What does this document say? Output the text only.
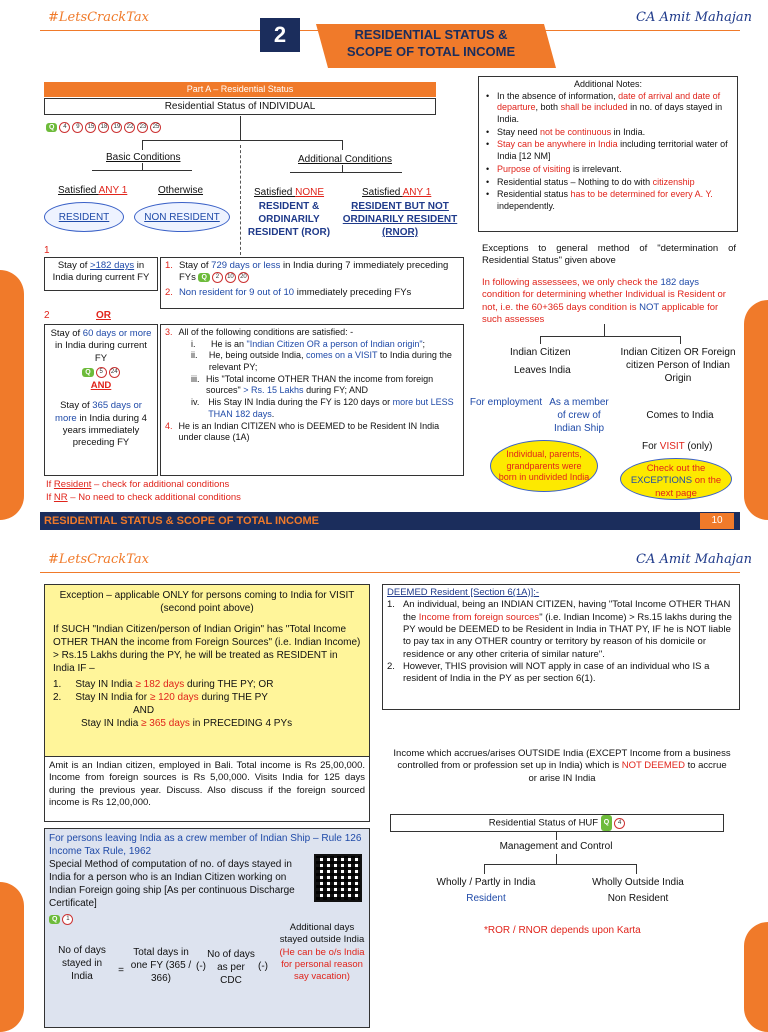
#LetsCrackTax	CA Amit Mahajan
2	RESIDENTIAL STATUS &
SCOPE OF TOTAL INCOME
Part A – Residential Status
Residential Status of INDIVIDUAL
Q	4	9	15	18	19	22	23	25
Basic Conditions	Additional Conditions
Satisfied ANY 1	Otherwise
RESIDENT	NON RESIDENT
Satisfied NONE
RESIDENT & ORDINARILY RESIDENT (ROR)
Satisfied ANY 1
RESIDENT BUT NOT ORDINARILY RESIDENT (RNOR)
1
Stay of >182 days in India during current FY
1. Stay of 729 days or less in India during 7 immediately preceding FYs Q	2	10	20
2. Non resident for 9 out of 10 immediately preceding FYs
2	OR
Stay of 60 days or more in India during current FY
Q	5	24
AND
Stay of 365 days or more in India during 4 years immediately preceding FY
3. All of the following conditions are satisfied: -
i.	He is an "Indian Citizen OR a person of Indian origin";
ii.	He, being outside India, comes on a VISIT to India during the relevant PY;
iii. His "Total income OTHER THAN the income from foreign sources" > Rs. 15 Lakhs during FY; AND
iv. His Stay IN India during the FY is 120 days or more but LESS THAN 182 days.
4. He is an Indian CITIZEN who is DEEMED to be Resident IN India under clause (1A)
If Resident – check for additional conditions
If NR – No need to check additional conditions
Additional Notes:
• In the absence of information, date of arrival and date of departure, both shall be included in no. of days stayed in India.
• Stay need not be continuous in India.
• Stay can be anywhere in India including territorial water of India [12 NM]
• Purpose of visiting is irrelevant.
• Residential status – Nothing to do with citizenship
• Residential status has to be determined for every A. Y. independently.
Exceptions to general method of "determination of Residential Status" given above
In following assessees, we only check the 182 days condition for determining whether Individual is Resident or not, i.e. the 60+365 days condition is NOT applicable for such assesses
Indian Citizen
Leaves India
For employment As a member of crew of Indian Ship
Indian Citizen OR Foreign citizen Person of Indian Origin
Comes to India
For VISIT (only)
Individual, parents, grandparents were born in undivided India
Check out the EXCEPTIONS on the next page
RESIDENTIAL STATUS & SCOPE OF TOTAL INCOME	10
#LetsCrackTax	CA Amit Mahajan
Exception – applicable ONLY for persons coming to India for VISIT (second point above)
If SUCH "Indian Citizen/person of Indian Origin" has "Total Income OTHER THAN the income from Foreign Sources" (i.e. Indian Income) > Rs.15 Lakhs during the PY, he will be treated as RESIDENT in India IF –
1.	Stay IN India ≥ 182 days during THE PY; OR
2.	Stay IN India for ≥ 120 days during THE PY
AND
Stay IN India ≥ 365 days in PRECEDING 4 PYs
Amit is an Indian citizen, employed in Bali. Total income is Rs 25,00,000. Income from foreign sources is Rs 5,00,000. Visits India for 125 days during the previous year. Discuss. Also discuss if the foreign sourced income is Rs 12,00,000.
For persons leaving India as a crew member of Indian Ship – Rule 126 Income Tax Rule, 1962
Special Method of computation of no. of days stayed in India for a person who is an Indian Citizen working on Indian Foreign going ship [As per continuous Discharge Certificate]
Q	1
No of days stayed in India
=
Total days in one FY (365 / 366)
(-)
No of days as per CDC
(-)
Additional days stayed outside India
(He can be o/s India for personal reason say vacation)
DEEMED Resident [Section 6(1A)]:-
1. An individual, being an INDIAN CITIZEN, having "Total Income OTHER THAN the Income from foreign sources" (i.e. Indian Income) > Rs.15 lakhs during the PY would be DEEMED to be Resident in India in THAT PY, IF he is NOT liable to pay tax in any OTHER country or territory by reason of his domicile or residence or any other criteria of similar nature".
2. However, THIS provision will NOT apply in case of an individual who IS a resident of India in the PY as per section 6(1).
Income which accrues/arises OUTSIDE India (EXCEPT Income from a business controlled from or profession set up in India) which is NOT DEEMED to accrue or arise IN India
Residential Status of HUF Q	4
Management and Control
Wholly / Partly in India
Resident
Wholly Outside India
Non Resident
*ROR / RNOR depends upon Karta
